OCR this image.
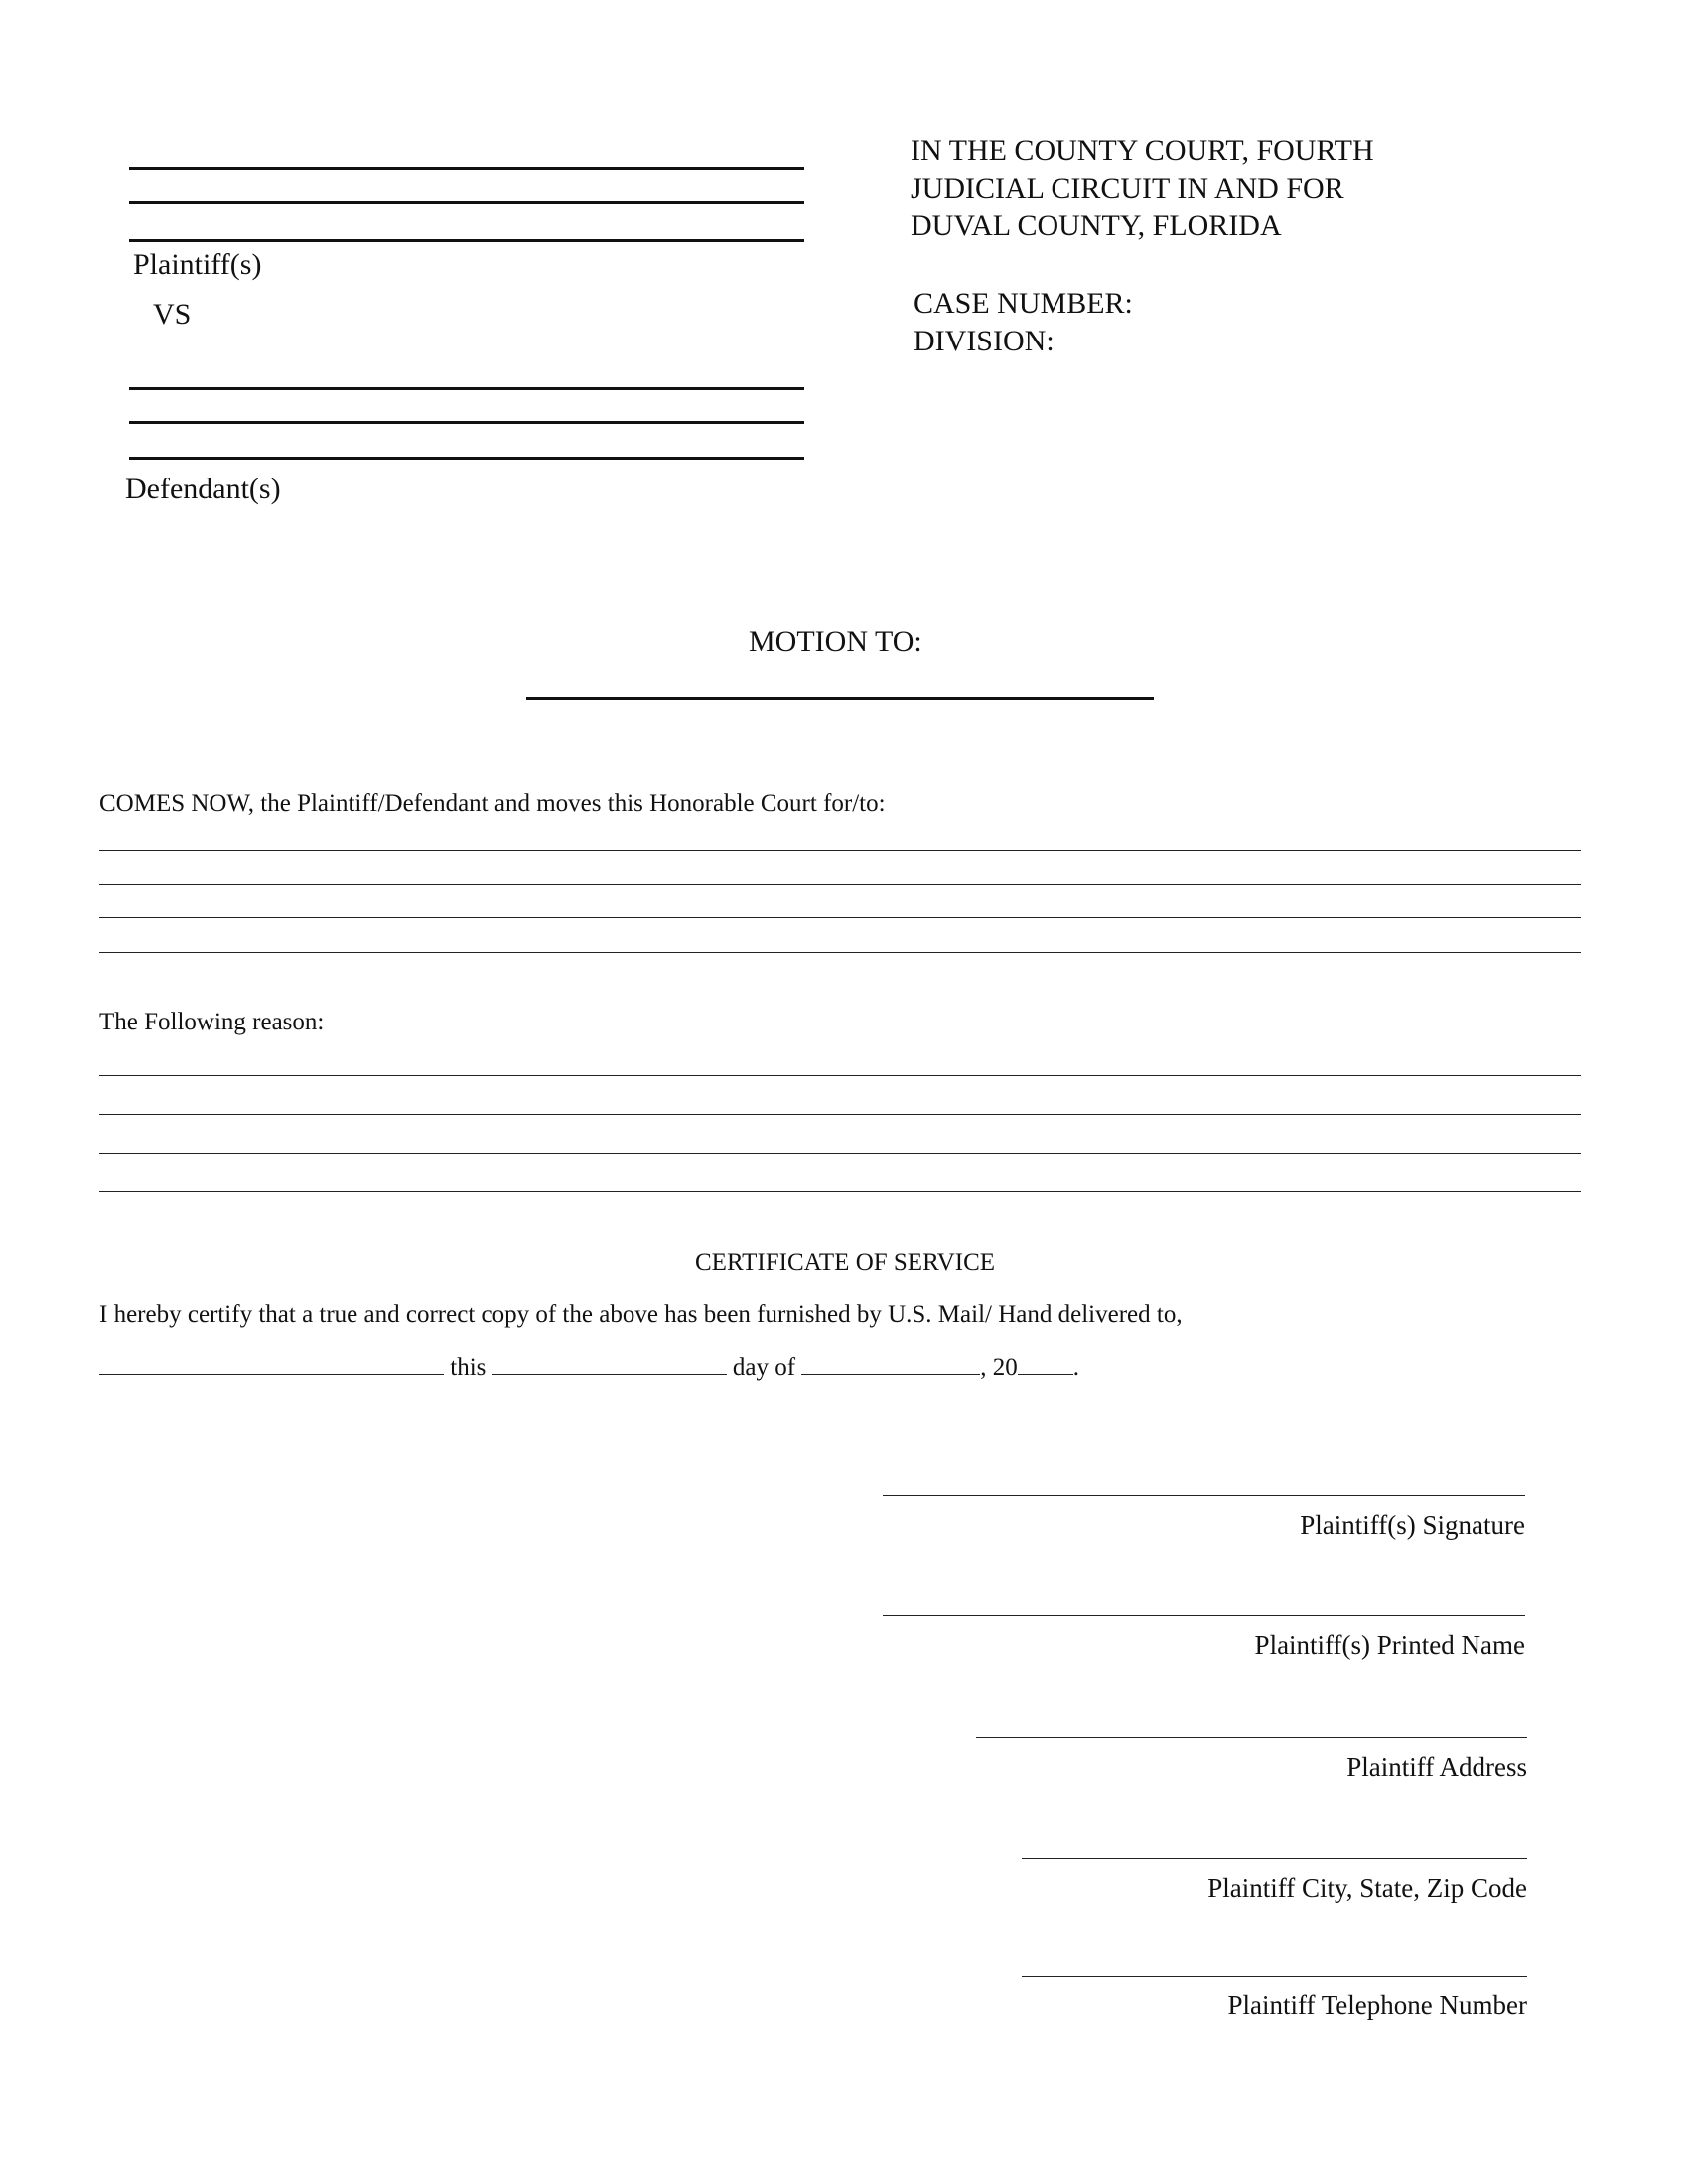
Plaintiff(s)
VS
Defendant(s)
IN THE COUNTY COURT, FOURTH
JUDICIAL CIRCUIT IN AND FOR
DUVAL COUNTY, FLORIDA
CASE NUMBER:
DIVISION:
MOTION TO:
COMES NOW, the Plaintiff/Defendant and moves this Honorable Court for/to:
The Following reason:
CERTIFICATE OF SERVICE
I hereby certify that a true and correct copy of the above has been furnished by U.S. Mail/ Hand delivered to,
this	day of	, 20 .
Plaintiff(s) Signature
Plaintiff(s) Printed Name
Plaintiff Address
Plaintiff City, State, Zip Code
Plaintiff Telephone Number
